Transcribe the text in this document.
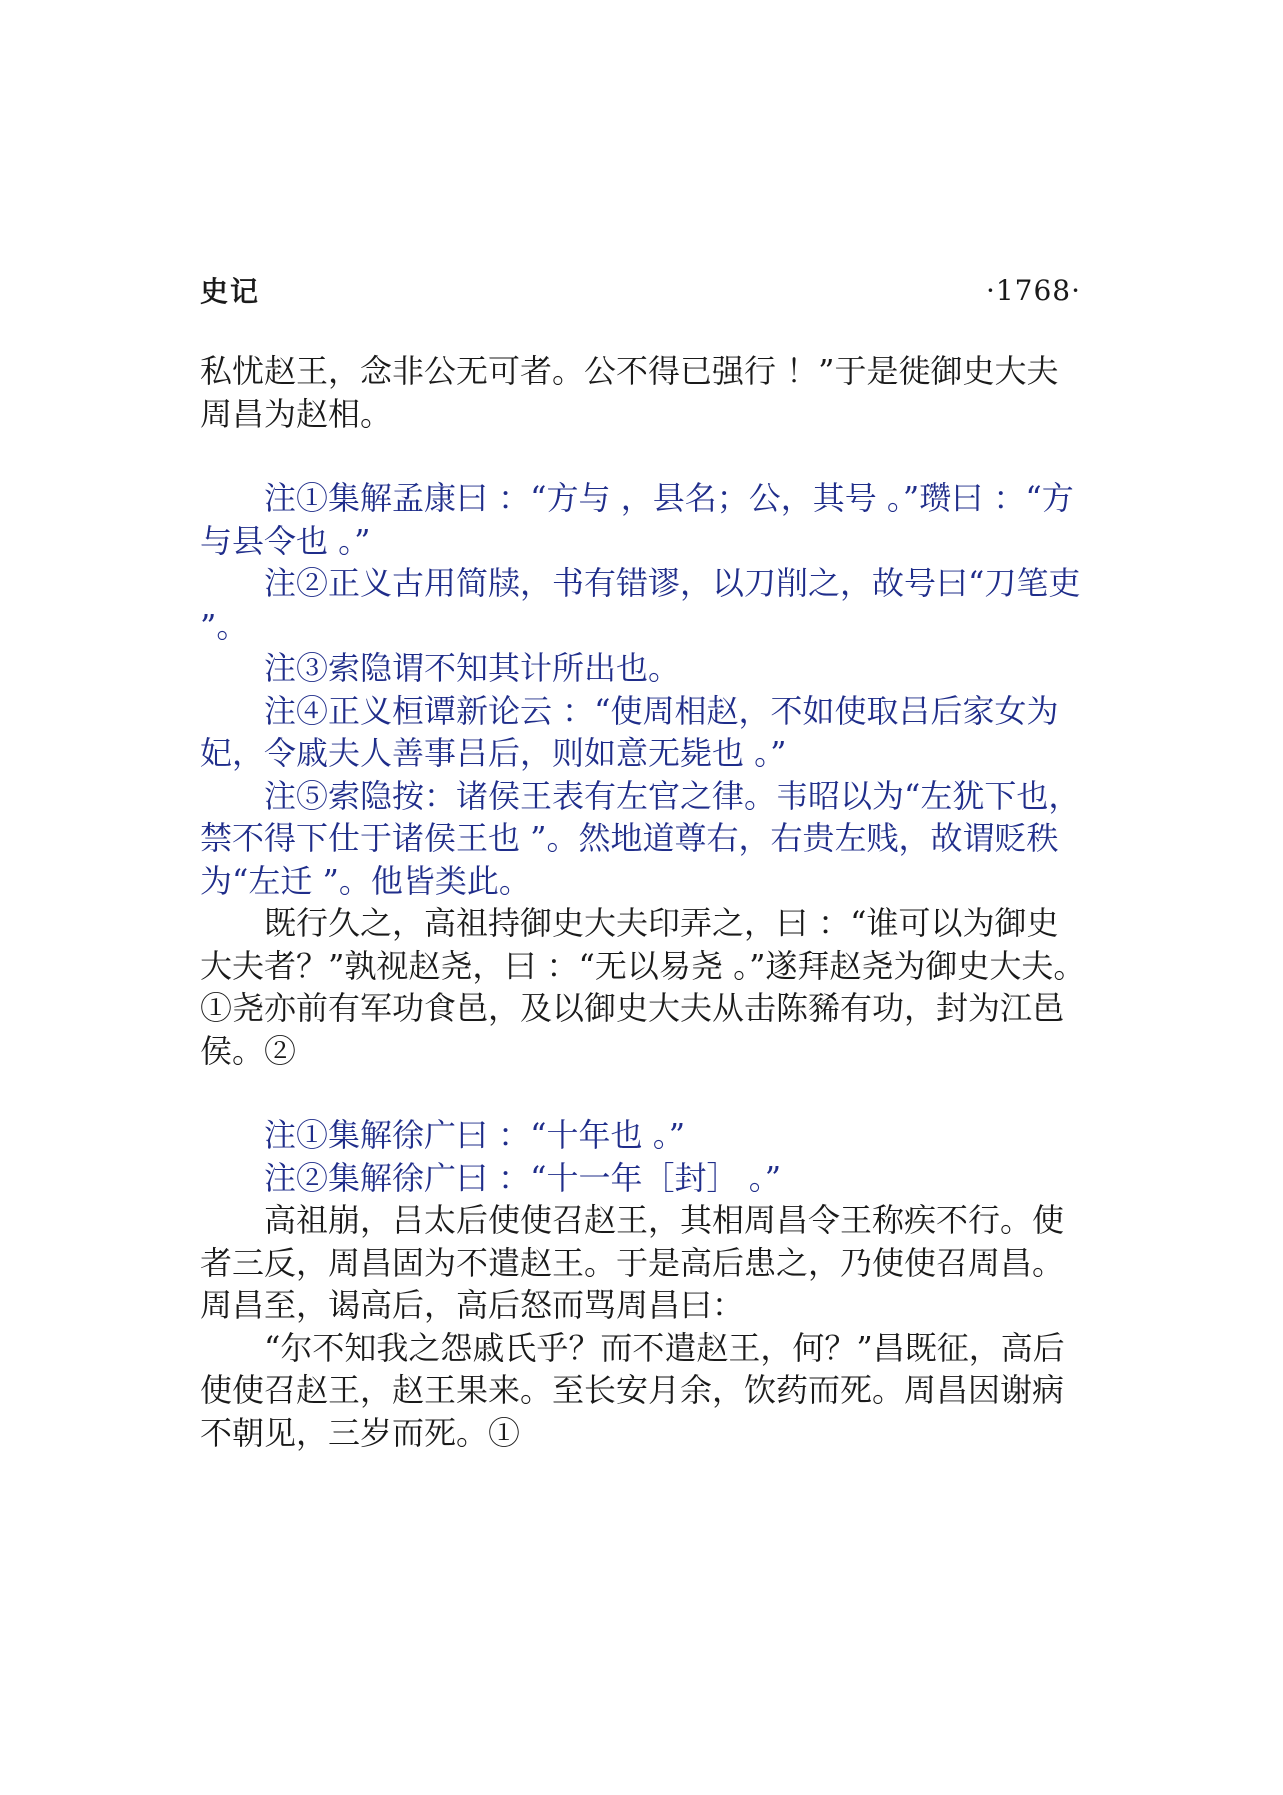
史记	·1768·

私忧赵王，念非公无可者。公不得已强行 ！”于是徙御史大夫周昌为赵相。

注①集解孟康曰 ：“方与 ，县名；公，其号 。”瓒曰 ：“方与县令也 。”

注②正义古用简牍，书有错谬，以刀削之，故号曰“刀笔吏 ”。

注③索隐谓不知其计所出也。

注④正义桓谭新论云 ：“使周相赵，不如使取吕后家女为妃，令戚夫人善事吕后，则如意无毙也 。”

注⑤索隐按：诸侯王表有左官之律。韦昭以为“左犹下也，禁不得下仕于诸侯王也 ”。然地道尊右，右贵左贱，故谓贬秩为“左迁 ”。他皆类此。

既行久之，高祖持御史大夫印弄之，曰 ：“谁可以为御史大夫者？”孰视赵尧，曰 ：“无以易尧 。”遂拜赵尧为御史大夫。①尧亦前有军功食邑，及以御史大夫从击陈豨有功，封为江邑侯。②

注①集解徐广曰 ：“十年也 。”

注②集解徐广曰 ：“十一年［封］ 。”

高祖崩，吕太后使使召赵王，其相周昌令王称疾不行。使者三反，周昌固为不遣赵王。于是高后患之，乃使使召周昌。周昌至，谒高后，高后怒而骂周昌曰：

“尔不知我之怨戚氏乎？而不遣赵王，何？”昌既征，高后使使召赵王，赵王果来。至长安月余，饮药而死。周昌因谢病不朝见，三岁而死。①
